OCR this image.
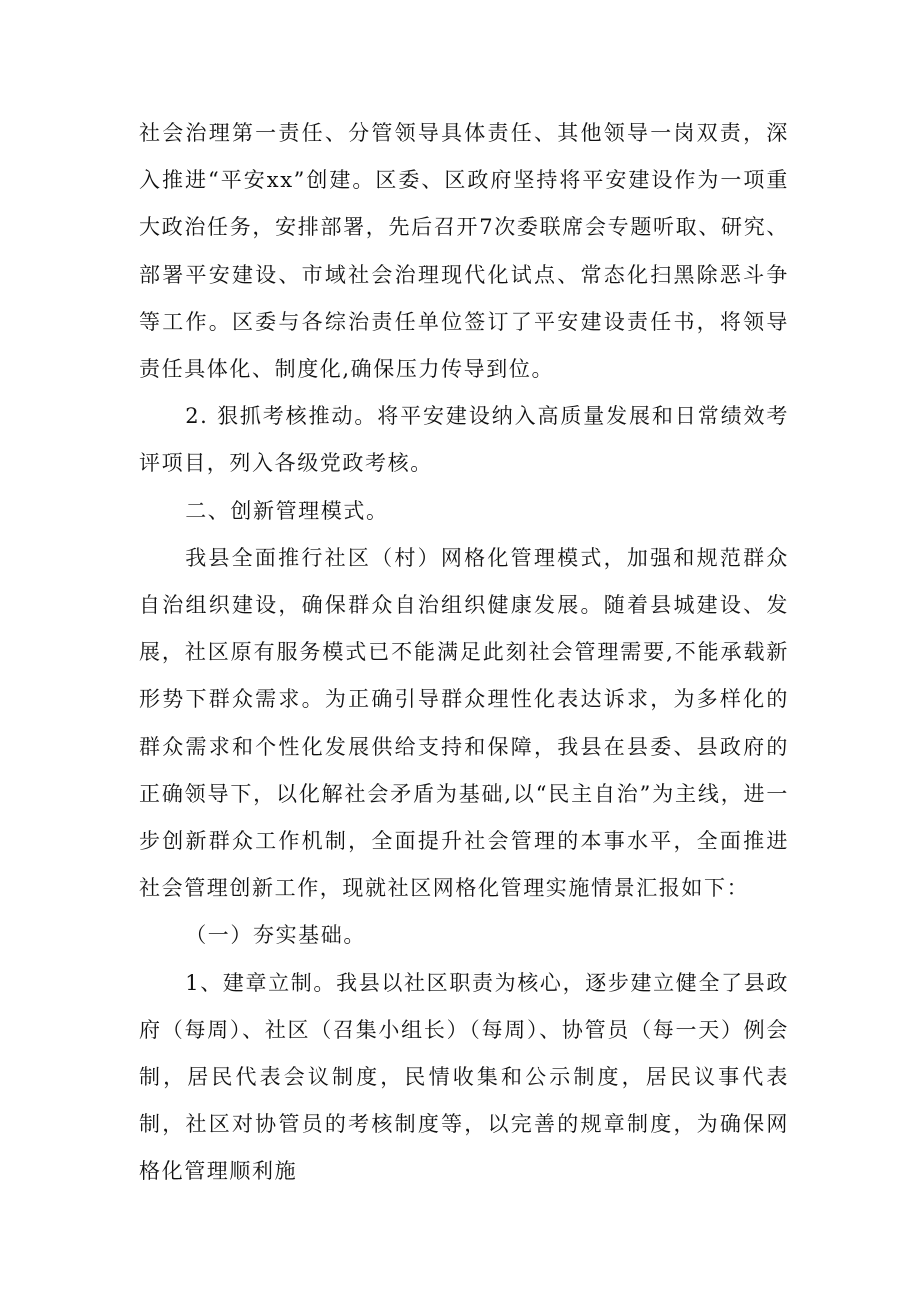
社会治理第一责任、分管领导具体责任、其他领导一岗双责，深入推进“平安xx”创建。区委、区政府坚持将平安建设作为一项重大政治任务，安排部署，先后召开7次委联席会专题听取、研究、部署平安建设、市域社会治理现代化试点、常态化扫黑除恶斗争等工作。区委与各综治责任单位签订了平安建设责任书，将领导责任具体化、制度化,确保压力传导到位。

2. 狠抓考核推动。将平安建设纳入高质量发展和日常绩效考评项目，列入各级党政考核。

二、创新管理模式。

我县全面推行社区（村）网格化管理模式，加强和规范群众自治组织建设，确保群众自治组织健康发展。随着县城建设、发展，社区原有服务模式已不能满足此刻社会管理需要,不能承载新形势下群众需求。为正确引导群众理性化表达诉求，为多样化的群众需求和个性化发展供给支持和保障，我县在县委、县政府的正确领导下，以化解社会矛盾为基础,以“民主自治”为主线，进一步创新群众工作机制，全面提升社会管理的本事水平，全面推进社会管理创新工作，现就社区网格化管理实施情景汇报如下：

（一）夯实基础。

1、建章立制。我县以社区职责为核心，逐步建立健全了县政府（每周）、社区（召集小组长）（每周）、协管员（每一天）例会制，居民代表会议制度，民情收集和公示制度，居民议事代表制，社区对协管员的考核制度等，以完善的规章制度，为确保网格化管理顺利施
